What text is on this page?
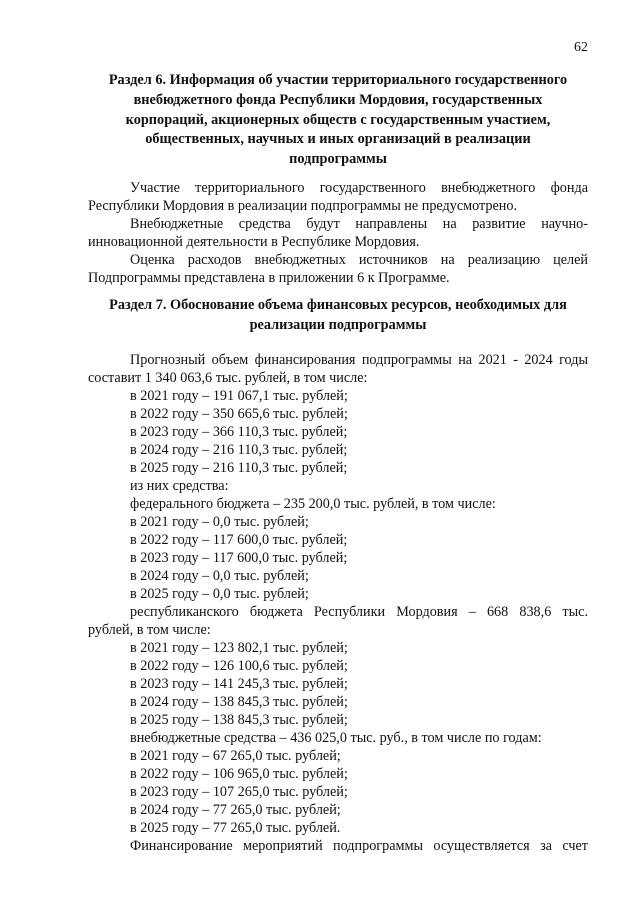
62
Раздел 6. Информация об участии территориального государственного
внебюджетного фонда Республики Мордовия, государственных
корпораций, акционерных обществ с государственным участием,
общественных, научных и иных организаций в реализации
подпрограммы
Участие территориального государственного внебюджетного фонда
Республики Мордовия в реализации подпрограммы не предусмотрено.
Внебюджетные средства будут направлены на развитие научно-
инновационной деятельности в Республике Мордовия.
Оценка расходов внебюджетных источников на реализацию целей
Подпрограммы представлена в приложении 6 к Программе.
Раздел 7. Обоснование объема финансовых ресурсов, необходимых для
реализации подпрограммы
Прогнозный объем финансирования подпрограммы на 2021 - 2024 годы
составит 1 340 063,6 тыс. рублей, в том числе:
в 2021 году – 191 067,1 тыс. рублей;
в 2022 году – 350 665,6 тыс. рублей;
в 2023 году – 366 110,3 тыс. рублей;
в 2024 году – 216 110,3 тыс. рублей;
в 2025 году – 216 110,3 тыс. рублей;
из них средства:
федерального бюджета – 235 200,0 тыс. рублей, в том числе:
в 2021 году – 0,0 тыс. рублей;
в 2022 году – 117 600,0 тыс. рублей;
в 2023 году – 117 600,0 тыс. рублей;
в 2024 году – 0,0 тыс. рублей;
в 2025 году – 0,0 тыс. рублей;
республиканского бюджета Республики Мордовия – 668 838,6 тыс.
рублей, в том числе:
в 2021 году – 123 802,1 тыс. рублей;
в 2022 году – 126 100,6 тыс. рублей;
в 2023 году – 141 245,3 тыс. рублей;
в 2024 году – 138 845,3 тыс. рублей;
в 2025 году – 138 845,3 тыс. рублей;
внебюджетные средства – 436 025,0 тыс. руб., в том числе по годам:
в 2021 году – 67 265,0 тыс. рублей;
в 2022 году – 106 965,0 тыс. рублей;
в 2023 году – 107 265,0 тыс. рублей;
в 2024 году – 77 265,0 тыс. рублей;
в 2025 году – 77 265,0 тыс. рублей.
Финансирование мероприятий подпрограммы осуществляется за счет
